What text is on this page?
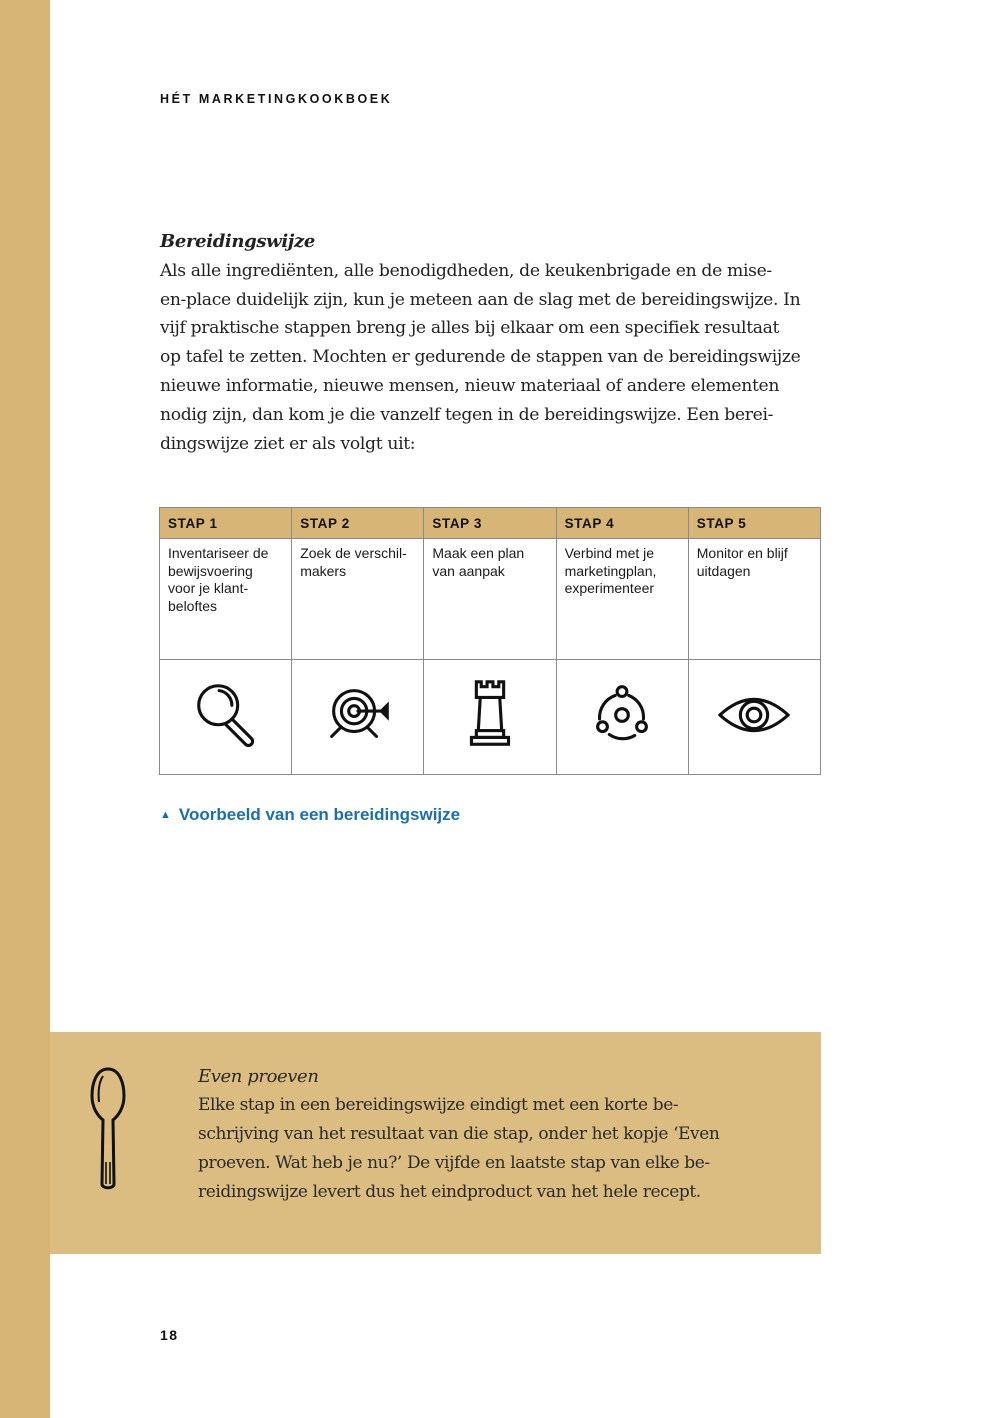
HÉT MARKETINGKOOKBOEK

Bereidingswijze

Als alle ingrediënten, alle benodigdheden, de keukenbrigade en de mise-
en-place duidelijk zijn, kun je meteen aan de slag met de bereidingswijze. In
vijf praktische stappen breng je alles bij elkaar om een specifiek resultaat
op tafel te zetten. Mochten er gedurende de stappen van de bereidingswijze
nieuwe informatie, nieuwe mensen, nieuw materiaal of andere elementen
nodig zijn, dan kom je die vanzelf tegen in de bereidingswijze. Een berei-
dingswijze ziet er als volgt uit:

STAP 1	STAP 2	STAP 3	STAP 4	STAP 5

Inventariseer de
bewijsvoering
voor je klant-
beloftes	Zoek de verschil-
makers	Maak een plan
van aanpak	Verbind met je
marketingplan,
experimenteer	Monitor en blijf
uitdagen

▲ Voorbeeld van een bereidingswijze

Even proeven

Elke stap in een bereidingswijze eindigt met een korte be-
schrijving van het resultaat van die stap, onder het kopje ‘Even
proeven. Wat heb je nu?’ De vijfde en laatste stap van elke be-
reidingswijze levert dus het eindproduct van het hele recept.

18
